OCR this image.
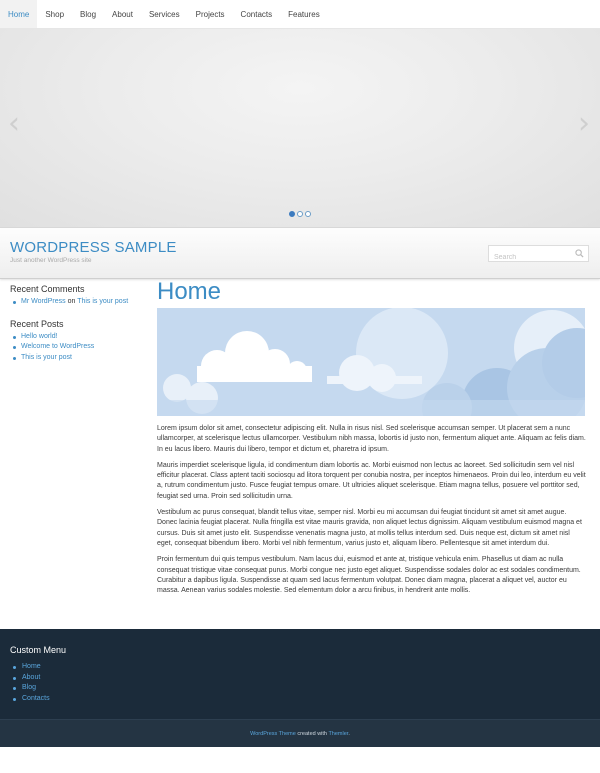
Home	Shop	Blog	About	Services	Projects	Contacts	Features
‹	›
WORDPRESS SAMPLE
Just another WordPress site
Search
Recent Comments
Mr WordPress on This is your post
Recent Posts
Hello world!
Welcome to WordPress
This is your post
Home

Lorem ipsum dolor sit amet, consectetur adipiscing elit. Nulla in risus nisl. Sed scelerisque accumsan semper. Ut placerat sem a nunc ullamcorper, at scelerisque lectus ullamcorper. Vestibulum nibh massa, lobortis id justo non, fermentum aliquet ante. Aliquam ac felis diam. In eu lacus libero. Mauris dui libero, tempor et dictum et, pharetra id ipsum.

Mauris imperdiet scelerisque ligula, id condimentum diam lobortis ac. Morbi euismod non lectus ac laoreet. Sed sollicitudin sem vel nisl efficitur placerat. Class aptent taciti sociosqu ad litora torquent per conubia nostra, per inceptos himenaeos. Proin dui leo, interdum eu velit a, rutrum condimentum justo. Fusce feugiat tempus ornare. Ut ultricies aliquet scelerisque. Etiam magna tellus, posuere vel porttitor sed, feugiat sed urna. Proin sed sollicitudin urna.

Vestibulum ac purus consequat, blandit tellus vitae, semper nisl. Morbi eu mi accumsan dui feugiat tincidunt sit amet sit amet augue. Donec lacinia feugiat placerat. Nulla fringilla est vitae mauris gravida, non aliquet lectus dignissim. Aliquam vestibulum euismod magna et cursus. Duis sit amet justo elit. Suspendisse venenatis magna justo, at mollis tellus interdum sed. Duis neque est, dictum sit amet nisl eget, consequat bibendum libero. Morbi vel nibh fermentum, varius justo et, aliquam libero. Pellentesque sit amet interdum dui.

Proin fermentum dui quis tempus vestibulum. Nam lacus dui, euismod et ante at, tristique vehicula enim. Phasellus ut diam ac nulla consequat tristique vitae consequat purus. Morbi congue nec justo eget aliquet. Suspendisse sodales dolor ac est sodales condimentum. Curabitur a dapibus ligula. Suspendisse at quam sed lacus fermentum volutpat. Donec diam magna, placerat a aliquet vel, auctor eu massa. Aenean varius sodales molestie. Sed elementum dolor a arcu finibus, in hendrerit ante mollis.

Custom Menu
Home
About
Blog
Contacts
WordPress Theme created with Themler.
